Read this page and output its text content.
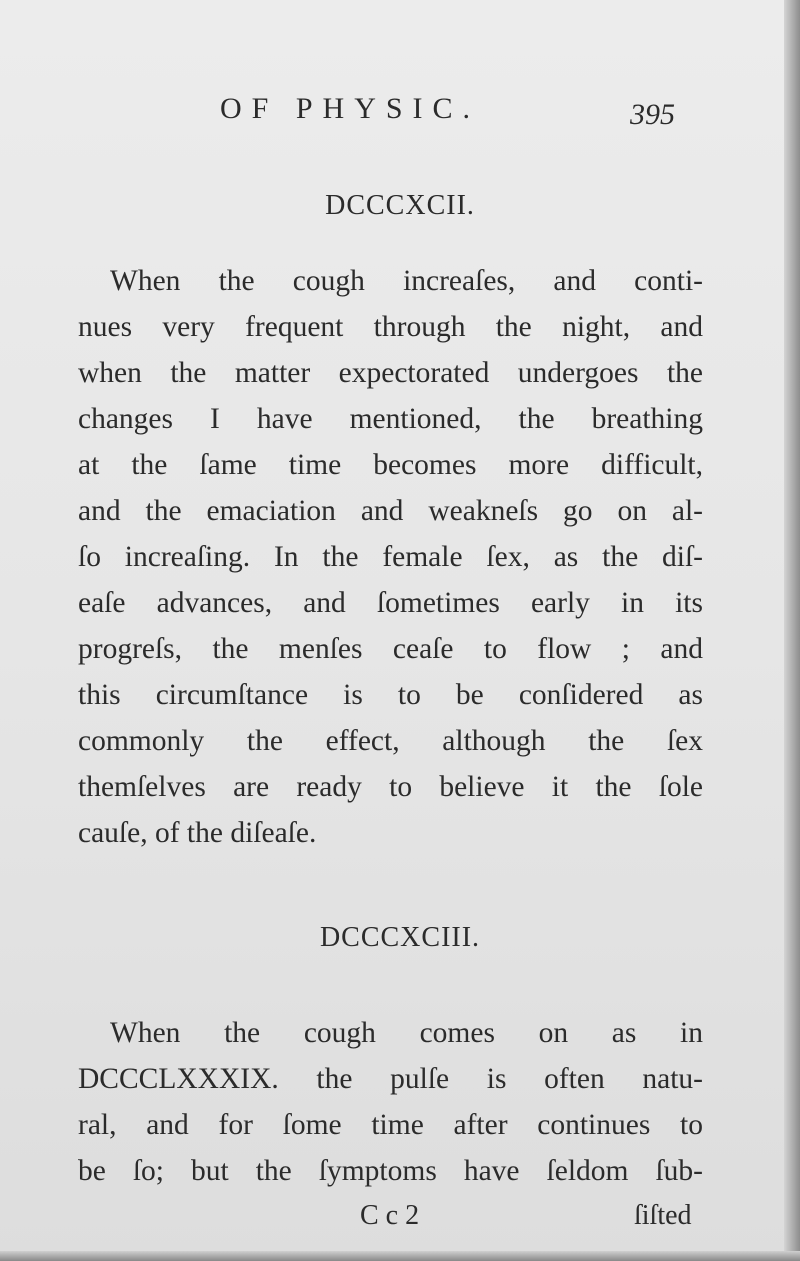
OF PHYSIC.	395
DCCCXCII.
When the cough increaſes, and conti-
nues very frequent through the night, and
when the matter expectorated undergoes the
changes I have mentioned, the breathing
at the ſame time becomes more difficult,
and the emaciation and weakneſs go on al-
ſo increaſing. In the female ſex, as the diſ-
eaſe advances, and ſometimes early in its
progreſs, the menſes ceaſe to flow ; and
this circumſtance is to be conſidered as
commonly the effect, although the ſex
themſelves are ready to believe it the ſole
cauſe, of the diſeaſe.
DCCCXCIII.
When the cough comes on as in
DCCCLXXXIX. the pulſe is often natu-
ral, and for ſome time after continues to
be ſo; but the ſymptoms have ſeldom ſub-
C c 2	ſiſted
